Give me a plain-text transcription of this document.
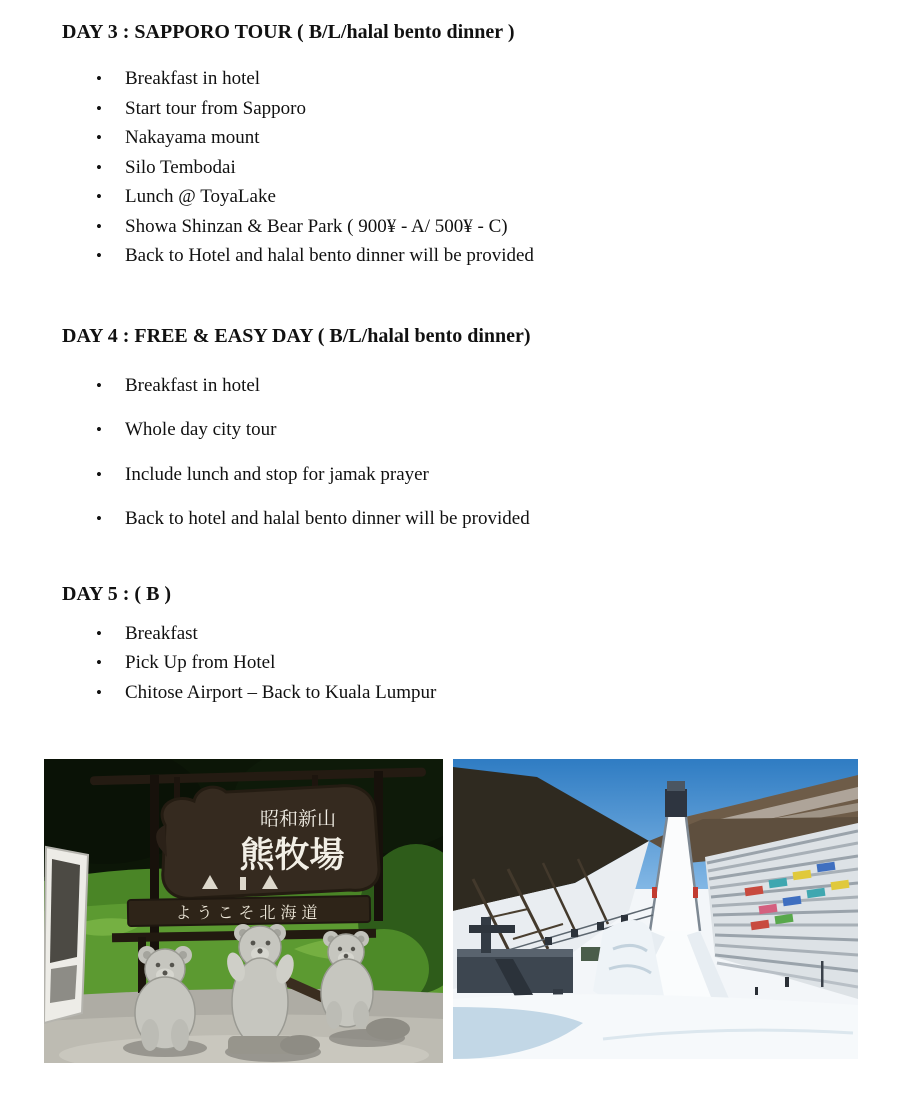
DAY 3 : SAPPORO TOUR ( B/L/halal bento dinner )
• Breakfast in hotel
• Start tour from Sapporo
• Nakayama mount
• Silo Tembodai
• Lunch @ ToyaLake
• Showa Shinzan & Bear Park ( 900¥ - A/ 500¥ - C)
• Back to Hotel and halal bento dinner will be provided
DAY 4 : FREE & EASY DAY ( B/L/halal bento dinner)
• Breakfast in hotel
• Whole day city tour
• Include lunch and stop for jamak prayer
• Back to hotel and halal bento dinner will be provided
DAY 5 : ( B )
• Breakfast
• Pick Up from Hotel
• Chitose Airport – Back to Kuala Lumpur
昭和新山
熊牧場
ようこそ北海道
